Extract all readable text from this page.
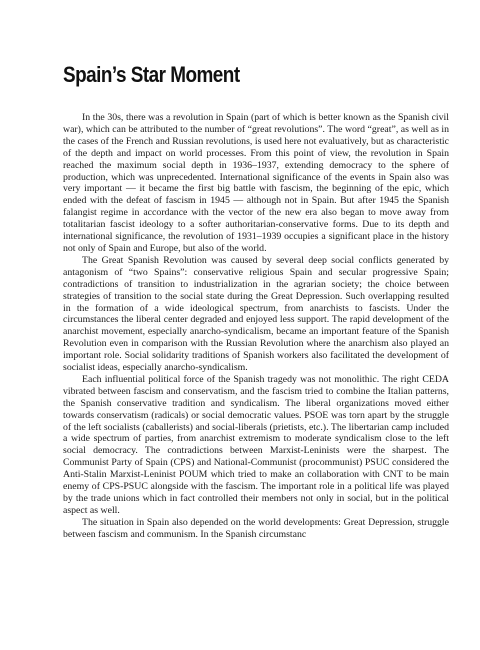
Spain’s Star Moment

In the 30s, there was a revolution in Spain (part of which is better known as the Spanish civil war), which can be attributed to the number of “great revolutions”. The word “great”, as well as in the cases of the French and Russian revolutions, is used here not evaluatively, but as characteristic of the depth and impact on world processes. From this point of view, the revolution in Spain reached the maximum social depth in 1936–1937, extending democracy to the sphere of production, which was unprecedented. International significance of the events in Spain also was very important — it became the first big battle with fascism, the beginning of the epic, which ended with the defeat of fascism in 1945 — although not in Spain. But after 1945 the Spanish falangist regime in accordance with the vector of the new era also began to move away from totalitarian fascist ideology to a softer authoritarian-conservative forms. Due to its depth and international significance, the revolution of 1931–1939 occupies a significant place in the history not only of Spain and Europe, but also of the world.

The Great Spanish Revolution was caused by several deep social conflicts generated by antagonism of “two Spains”: conservative religious Spain and secular progressive Spain; contradictions of transition to industrialization in the agrarian society; the choice between strategies of transition to the social state during the Great Depression. Such overlapping resulted in the formation of a wide ideological spectrum, from anarchists to fascists. Under the circumstances the liberal center degraded and enjoyed less support. The rapid development of the anarchist movement, especially anarcho-syndicalism, became an important feature of the Spanish Revolution even in comparison with the Russian Revolution where the anarchism also played an important role. Social solidarity traditions of Spanish workers also facilitated the development of socialist ideas, especially anarcho-syndicalism.

Each influential political force of the Spanish tragedy was not monolithic. The right CEDA vibrated between fascism and conservatism, and the fascism tried to combine the Italian patterns, the Spanish conservative tradition and syndicalism. The liberal organizations moved either towards conservatism (radicals) or social democratic values. PSOE was torn apart by the struggle of the left socialists (caballerists) and social-liberals (prietists, etc.). The libertarian camp included a wide spectrum of parties, from anarchist extremism to moderate syndicalism close to the left social democracy. The contradictions between Marxist-Leninists were the sharpest. The Communist Party of Spain (CPS) and National-Communist (procommunist) PSUC considered the Anti-Stalin Marxist-Leninist POUM which tried to make an collaboration with CNT to be main enemy of CPS-PSUC alongside with the fascism. The important role in a political life was played by the trade unions which in fact controlled their members not only in social, but in the political aspect as well.

The situation in Spain also depended on the world developments: Great Depression, struggle between fascism and communism. In the Spanish circumstanc
